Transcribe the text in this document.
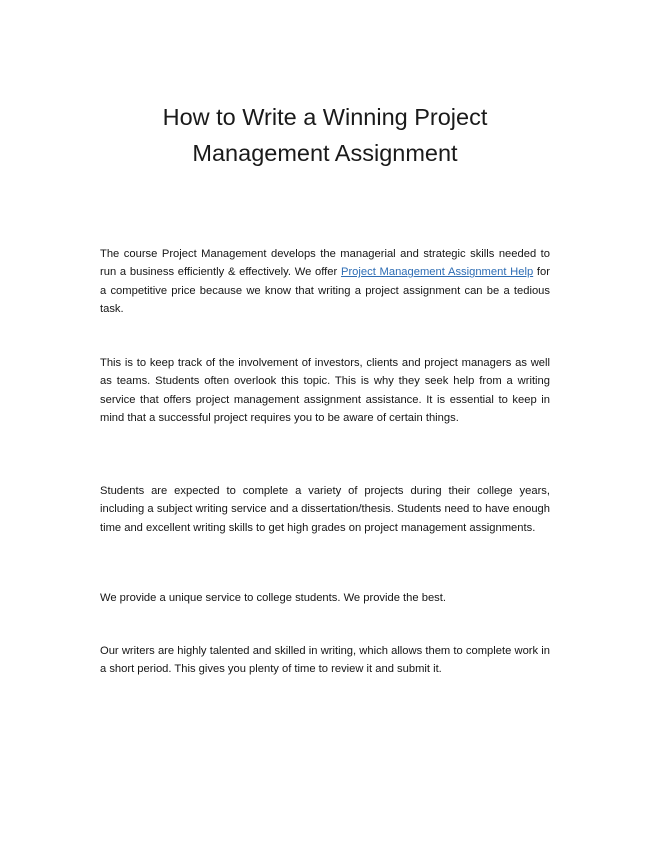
How to Write a Winning Project Management Assignment

The course Project Management develops the managerial and strategic skills needed to run a business efficiently & effectively. We offer Project Management Assignment Help for a competitive price because we know that writing a project assignment can be a tedious task.

This is to keep track of the involvement of investors, clients and project managers as well as teams. Students often overlook this topic. This is why they seek help from a writing service that offers project management assignment assistance. It is essential to keep in mind that a successful project requires you to be aware of certain things.

Students are expected to complete a variety of projects during their college years, including a subject writing service and a dissertation/thesis. Students need to have enough time and excellent writing skills to get high grades on project management assignments.

We provide a unique service to college students. We provide the best.

Our writers are highly talented and skilled in writing, which allows them to complete work in a short period. This gives you plenty of time to review it and submit it.
